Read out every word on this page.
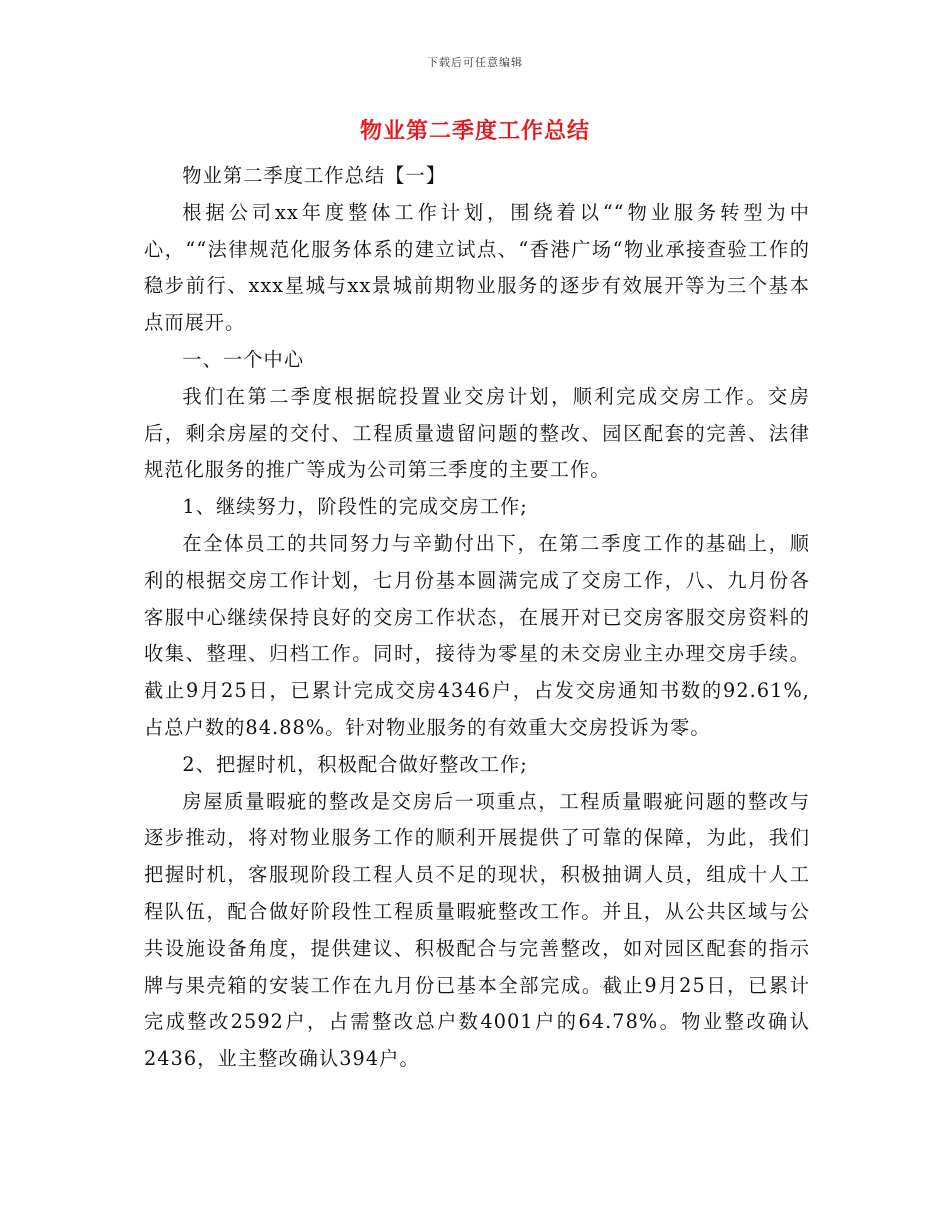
下载后可任意编辑
物业第二季度工作总结

物业第二季度工作总结【一】

根据公司xx年度整体工作计划，围绕着以““物业服务转型为中心，““法律规范化服务体系的建立试点、“香港广场“物业承接查验工作的稳步前行、xxx星城与xx景城前期物业服务的逐步有效展开等为三个基本点而展开。

一、一个中心

我们在第二季度根据皖投置业交房计划，顺利完成交房工作。交房后，剩余房屋的交付、工程质量遗留问题的整改、园区配套的完善、法律规范化服务的推广等成为公司第三季度的主要工作。

1、继续努力，阶段性的完成交房工作;

在全体员工的共同努力与辛勤付出下，在第二季度工作的基础上，顺利的根据交房工作计划，七月份基本圆满完成了交房工作，八、九月份各客服中心继续保持良好的交房工作状态，在展开对已交房客服交房资料的收集、整理、归档工作。同时，接待为零星的未交房业主办理交房手续。截止9月25日，已累计完成交房4346户，占发交房通知书数的92.61%,占总户数的84.88%。针对物业服务的有效重大交房投诉为零。

2、把握时机，积极配合做好整改工作;

房屋质量暇疵的整改是交房后一项重点，工程质量暇疵问题的整改与逐步推动，将对物业服务工作的顺利开展提供了可靠的保障，为此，我们把握时机，客服现阶段工程人员不足的现状，积极抽调人员，组成十人工程队伍，配合做好阶段性工程质量暇疵整改工作。并且，从公共区域与公共设施设备角度，提供建议、积极配合与完善整改，如对园区配套的指示牌与果壳箱的安装工作在九月份已基本全部完成。截止9月25日，已累计完成整改2592户，占需整改总户数4001户的64.78%。物业整改确认2436，业主整改确认394户。
